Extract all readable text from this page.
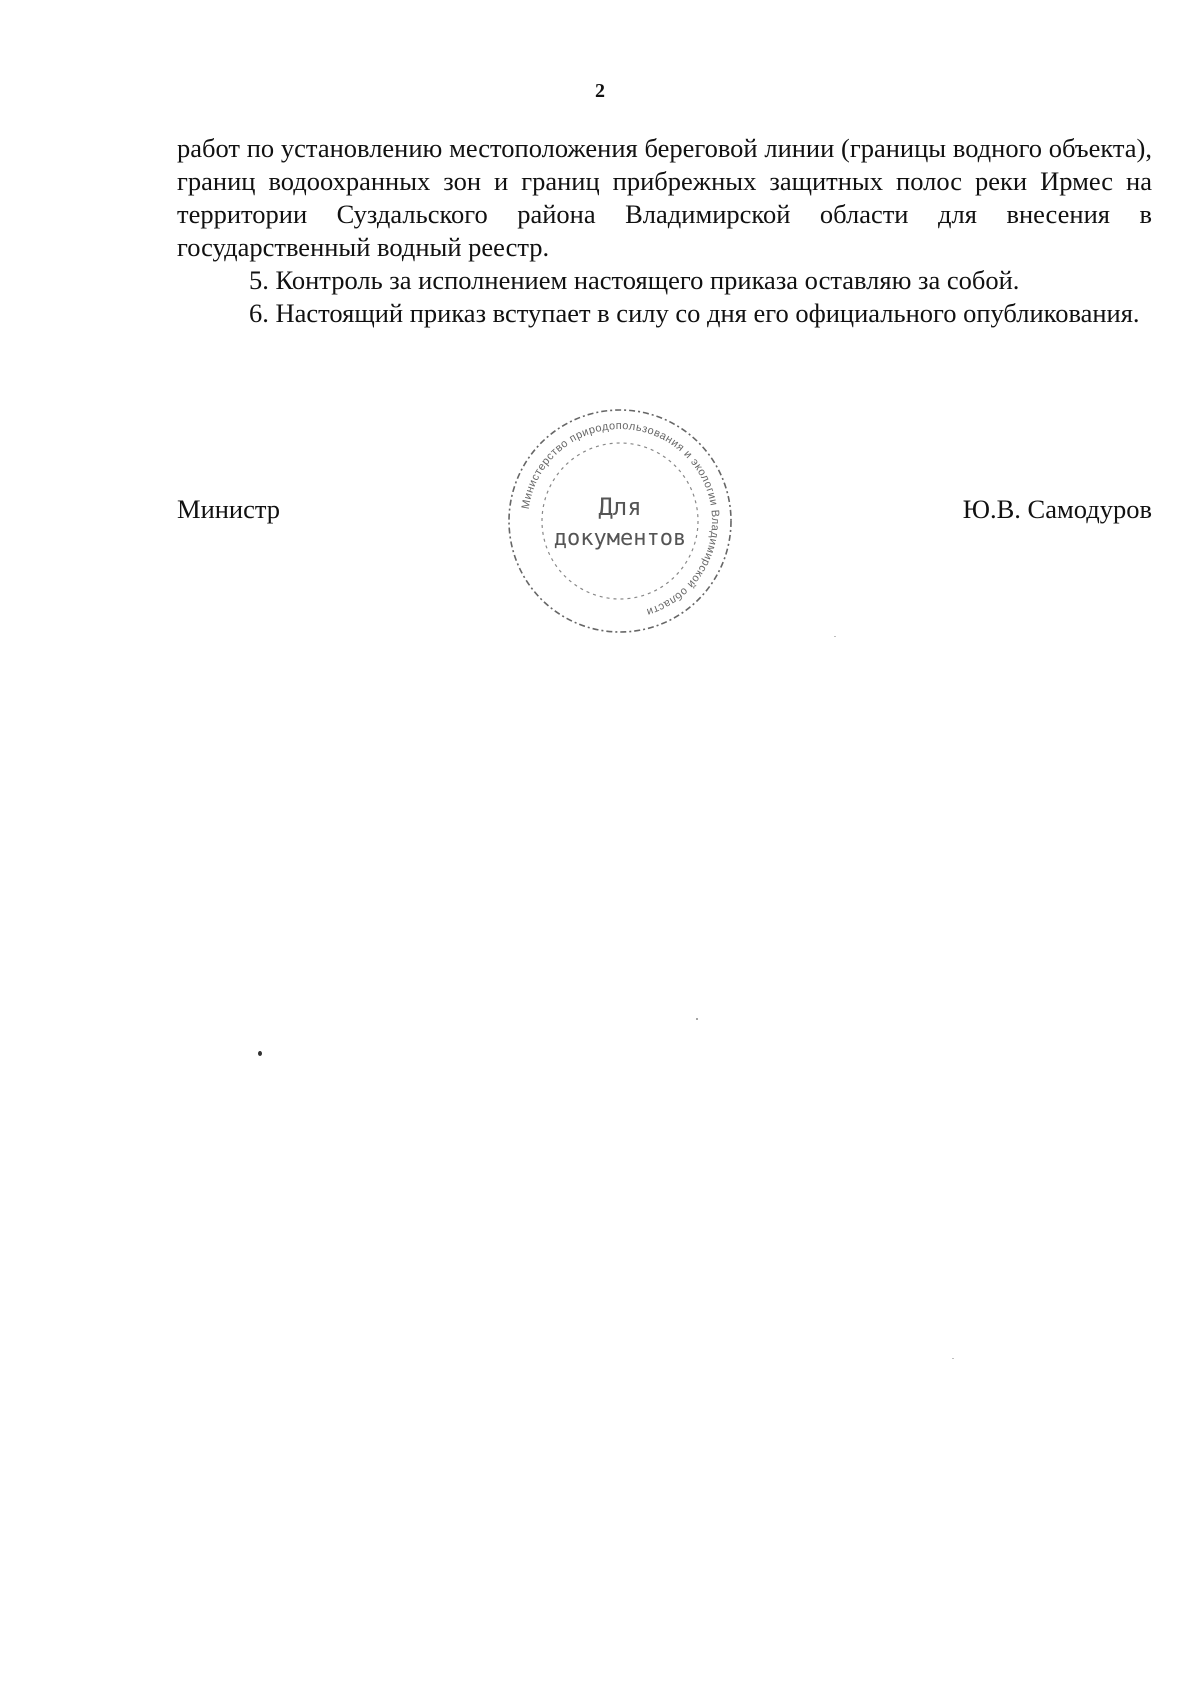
2

работ по установлению местоположения береговой линии (границы водного объекта), границ водоохранных зон и границ прибрежных защитных полос реки Ирмес на территории Суздальского района Владимирской области для внесения в государственный водный реестр.

5. Контроль за исполнением настоящего приказа оставляю за собой.

6. Настоящий приказ вступает в силу со дня его официального опубликования.

Министр	Ю.В. Самодуров
Министерство природопользования и экологии Владимирской области
Для
документов
